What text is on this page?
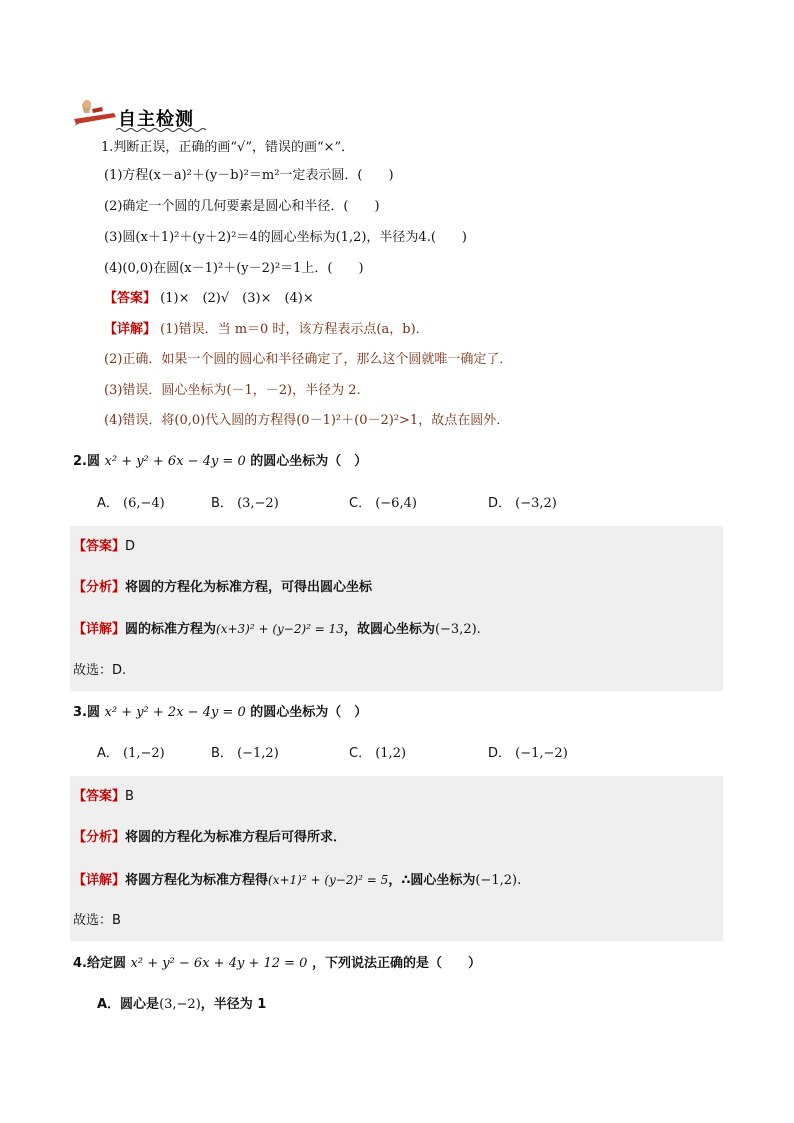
自主检测
1.判断正误，正确的画“√”，错误的画“×”．
(1)方程(x－a)²＋(y－b)²＝m²一定表示圆．(　　)
(2)确定一个圆的几何要素是圆心和半径．(　　)
(3)圆(x＋1)²＋(y＋2)²＝4的圆心坐标为(1,2)，半径为4.(　　)
(4)(0,0)在圆(x－1)²＋(y－2)²＝1上．(　　)
【答案】 (1)×　(2)√　(3)×　(4)×
【详解】 (1)错误．当 m＝0 时，该方程表示点(a，b)．
(2)正确．如果一个圆的圆心和半径确定了，那么这个圆就唯一确定了．
(3)错误．圆心坐标为(－1，－2)，半径为 2.
(4)错误．将(0,0)代入圆的方程得(0－1)²＋(0－2)²>1，故点在圆外．
2.圆 x² + y² + 6x − 4y = 0 的圆心坐标为（　）
A． (6,−4)	B． (3,−2)	C． (−6,4)	D． (−3,2)
【答案】D
【分析】将圆的方程化为标准方程，可得出圆心坐标
【详解】圆的标准方程为(x+3)² + (y−2)² = 13，故圆心坐标为(−3,2).
故选：D.
3.圆 x² + y² + 2x − 4y = 0 的圆心坐标为（　）
A． (1,−2)	B． (−1,2)	C． (1,2)	D． (−1,−2)
【答案】B
【分析】将圆的方程化为标准方程后可得所求．
【详解】将圆方程化为标准方程得(x+1)² + (y−2)² = 5，∴圆心坐标为(−1,2).
故选：B
4.给定圆 x² + y² − 6x + 4y + 12 = 0 ，下列说法正确的是（　　）
A．圆心是(3,−2)，半径为 1
